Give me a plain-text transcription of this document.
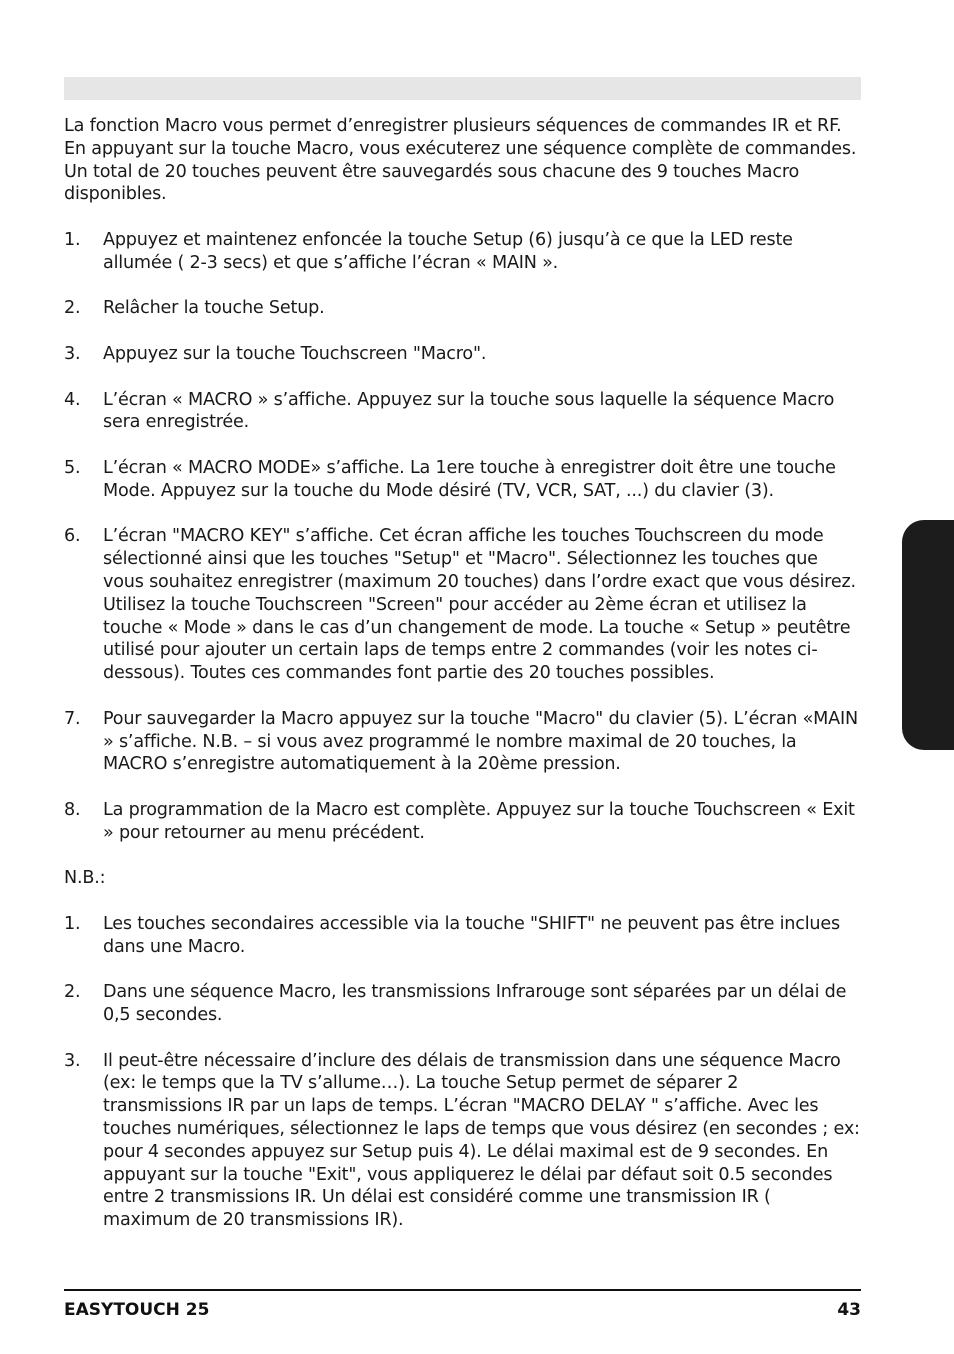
La fonction Macro vous permet d’enregistrer plusieurs séquences de commandes IR et RF. En appuyant sur la touche Macro, vous exécuterez une séquence complète de commandes. Un total de 20 touches peuvent être sauvegardés sous chacune des 9 touches Macro disponibles.

1. Appuyez et maintenez enfoncée la touche Setup (6) jusqu’à ce que la LED reste allumée ( 2-3 secs) et que s’affiche l’écran « MAIN ».
2. Relâcher la touche Setup.
3. Appuyez sur la touche Touchscreen "Macro".
4. L’écran « MACRO » s’affiche. Appuyez sur la touche sous laquelle la séquence Macro sera enregistrée.
5. L’écran « MACRO MODE» s’affiche. La 1ere touche à enregistrer doit être une touche Mode. Appuyez sur la touche du Mode désiré (TV, VCR, SAT, ...) du clavier (3).
6. L’écran "MACRO KEY" s’affiche. Cet écran affiche les touches Touchscreen du mode sélectionné ainsi que les touches "Setup" et "Macro". Sélectionnez les touches que vous souhaitez enregistrer (maximum 20 touches) dans l’ordre exact que vous désirez. Utilisez la touche Touchscreen "Screen" pour accéder au 2ème écran et utilisez la touche « Mode » dans le cas d’un changement de mode. La touche « Setup » peutêtre utilisé pour ajouter un certain laps de temps entre 2 commandes (voir les notes ci-dessous). Toutes ces commandes font partie des 20 touches possibles.
7. Pour sauvegarder la Macro appuyez sur la touche "Macro" du clavier (5). L’écran «MAIN » s’affiche. N.B. – si vous avez programmé le nombre maximal de 20 touches, la MACRO s’enregistre automatiquement à la 20ème pression.
8. La programmation de la Macro est complète. Appuyez sur la touche Touchscreen « Exit » pour retourner au menu précédent.

N.B.:

1. Les touches secondaires accessible via la touche "SHIFT" ne peuvent pas être inclues dans une Macro.
2. Dans une séquence Macro, les transmissions Infrarouge sont séparées par un délai de 0,5 secondes.
3. Il peut-être nécessaire d’inclure des délais de transmission dans une séquence Macro (ex: le temps que la TV s’allume…). La touche Setup permet de séparer 2 transmissions IR par un laps de temps. L’écran "MACRO DELAY " s’affiche. Avec les touches numériques, sélectionnez le laps de temps que vous désirez (en secondes ; ex: pour 4 secondes appuyez sur Setup puis 4). Le délai maximal est de 9 secondes. En appuyant sur la touche "Exit", vous appliquerez le délai par défaut soit 0.5 secondes entre 2 transmissions IR. Un délai est considéré comme une transmission IR ( maximum de 20 transmissions IR).
EASYTOUCH 25	43
